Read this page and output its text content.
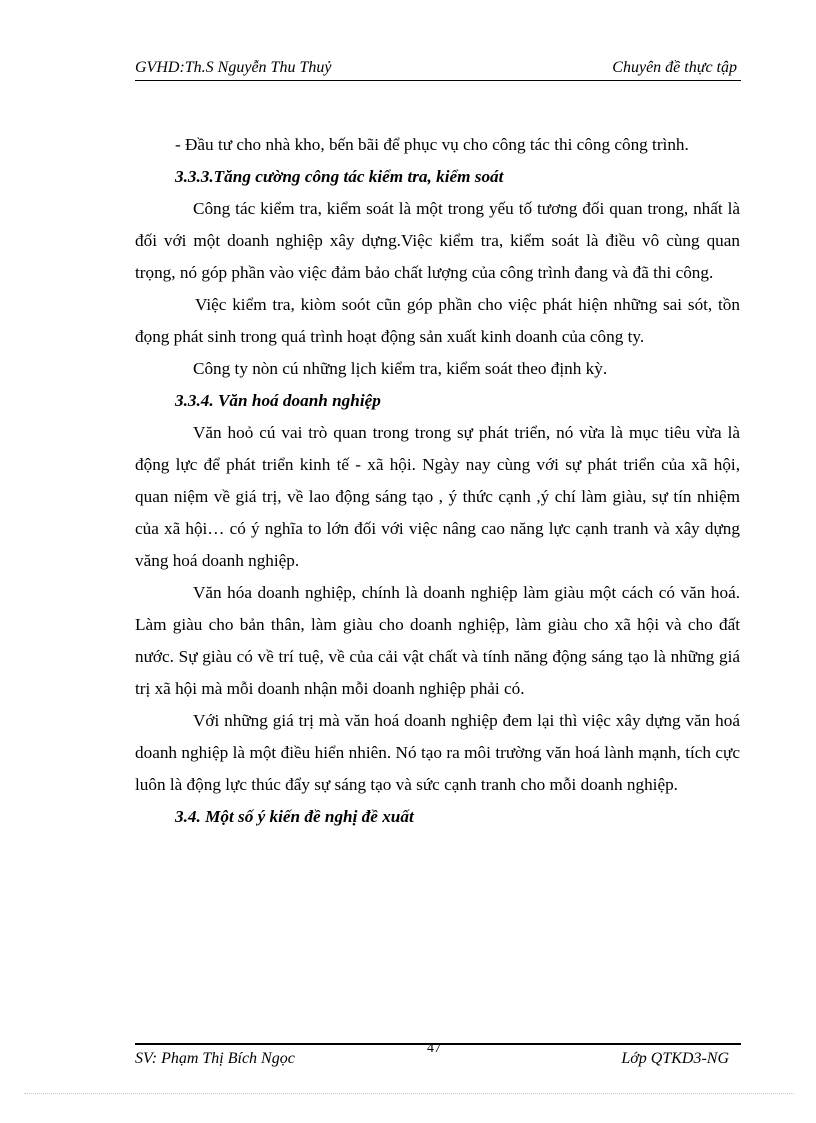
GVHD:Th.S Nguyễn Thu Thuỷ	Chuyên đề thực tập

- Đầu tư cho nhà kho, bến bãi để phục vụ cho công tác thi công công trình.

3.3.3.Tăng cường công tác kiểm tra, kiểm soát

Công tác kiểm tra, kiểm soát là một trong yếu tố tương đối quan trong, nhất là đối với một doanh nghiệp xây dựng.Việc kiểm tra, kiểm soát là điều vô cùng quan trọng, nó góp phần vào việc đảm bảo chất lượng của công trình đang và đã thi công.

Việc kiểm tra, kiòm soót cũn góp phần cho việc phát hiện những sai sót, tồn đọng phát sinh trong quá trình hoạt động sản xuất kinh doanh của công ty.

Công ty nòn cú những lịch kiểm tra, kiểm soát theo định kỳ.

3.3.4. Văn hoá doanh nghiệp

Văn hoỏ cú vai trò quan trong trong sự phát triển, nó vừa là mục tiêu vừa là động lực để phát triển kinh tế - xã hội. Ngày nay cùng với sự phát triển của xã hội, quan niệm về giá trị, về lao động sáng tạo , ý thức cạnh ,ý chí làm giàu, sự tín nhiệm của xã hội… có ý nghĩa to lớn đối với việc nâng cao năng lực cạnh tranh và xây dựng văng hoá doanh nghiệp.

Văn hóa doanh nghiệp, chính là doanh nghiệp làm giàu một cách có văn hoá. Làm giàu cho bản thân, làm giàu cho doanh nghiệp, làm giàu cho xã hội và cho đất nước. Sự giàu có về trí tuệ, về của cải vật chất và tính năng động sáng tạo là những giá trị xã hội mà mỗi doanh nhận mỗi doanh nghiệp phải có.

Với những giá trị mà văn hoá doanh nghiệp đem lại thì việc xây dựng văn hoá doanh nghiệp là một điều hiển nhiên. Nó tạo ra môi trường văn hoá lành mạnh, tích cực luôn là động lực thúc đẩy sự sáng tạo và sức cạnh tranh cho mỗi doanh nghiệp.

3.4. Một số ý kiến đề nghị đề xuất

SV: Phạm Thị Bích Ngọc
47
Lớp QTKD3-NG
